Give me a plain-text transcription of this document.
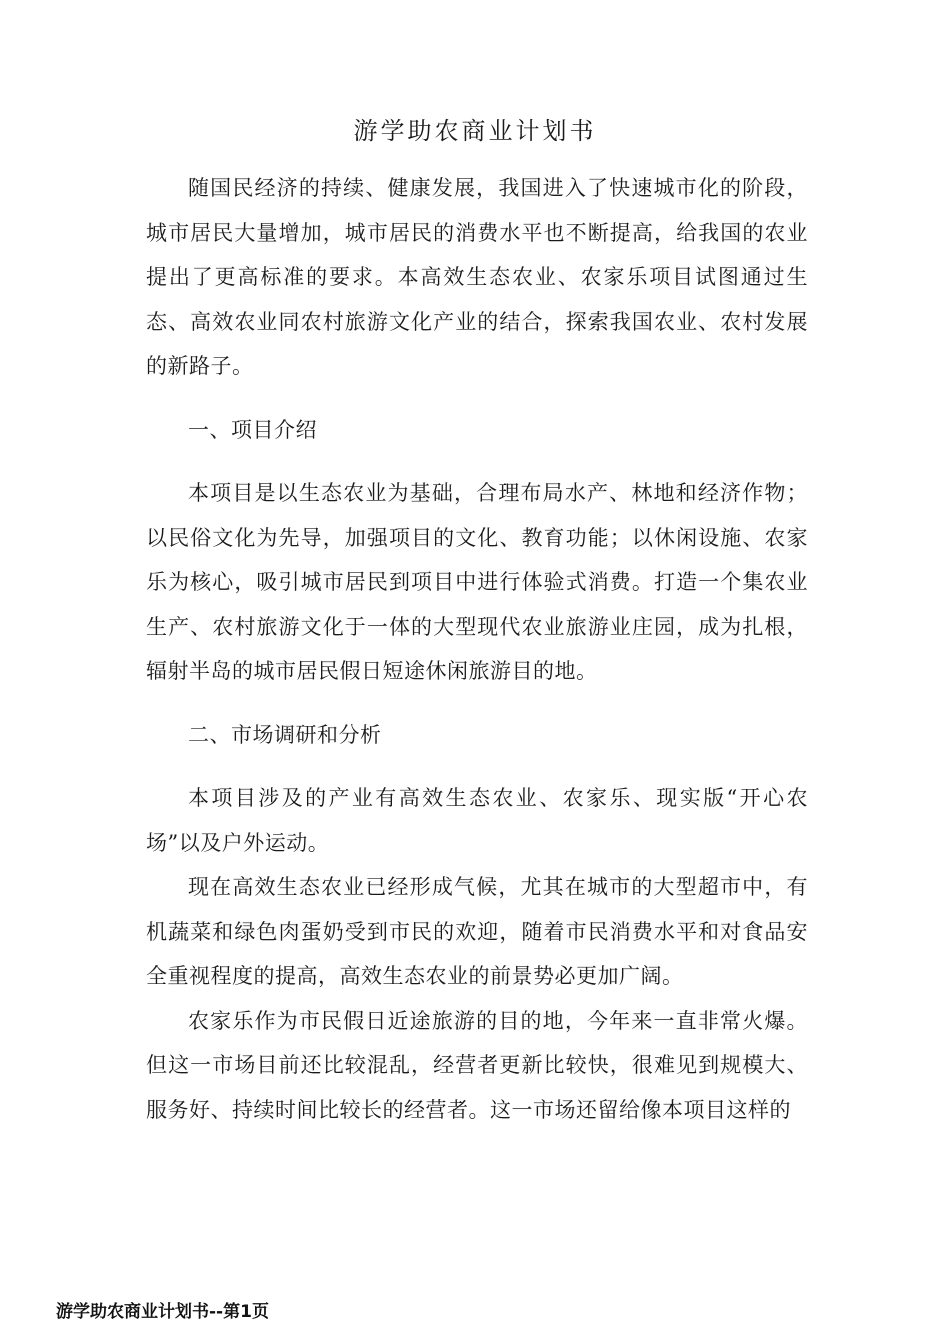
游学助农商业计划书

随国民经济的持续、健康发展，我国进入了快速城市化的阶段，城市居民大量增加，城市居民的消费水平也不断提高，给我国的农业提出了更高标准的要求。本高效生态农业、农家乐项目试图通过生态、高效农业同农村旅游文化产业的结合，探索我国农业、农村发展的新路子。

一、项目介绍

本项目是以生态农业为基础，合理布局水产、林地和经济作物；以民俗文化为先导，加强项目的文化、教育功能；以休闲设施、农家乐为核心，吸引城市居民到项目中进行体验式消费。打造一个集农业生产、农村旅游文化于一体的大型现代农业旅游业庄园，成为扎根，辐射半岛的城市居民假日短途休闲旅游目的地。

二、市场调研和分析

本项目涉及的产业有高效生态农业、农家乐、现实版“开心农场”以及户外运动。

现在高效生态农业已经形成气候，尤其在城市的大型超市中，有机蔬菜和绿色肉蛋奶受到市民的欢迎，随着市民消费水平和对食品安全重视程度的提高，高效生态农业的前景势必更加广阔。

农家乐作为市民假日近途旅游的目的地，今年来一直非常火爆。但这一市场目前还比较混乱，经营者更新比较快，很难见到规模大、服务好、持续时间比较长的经营者。这一市场还留给像本项目这样的

游学助农商业计划书--第1页
